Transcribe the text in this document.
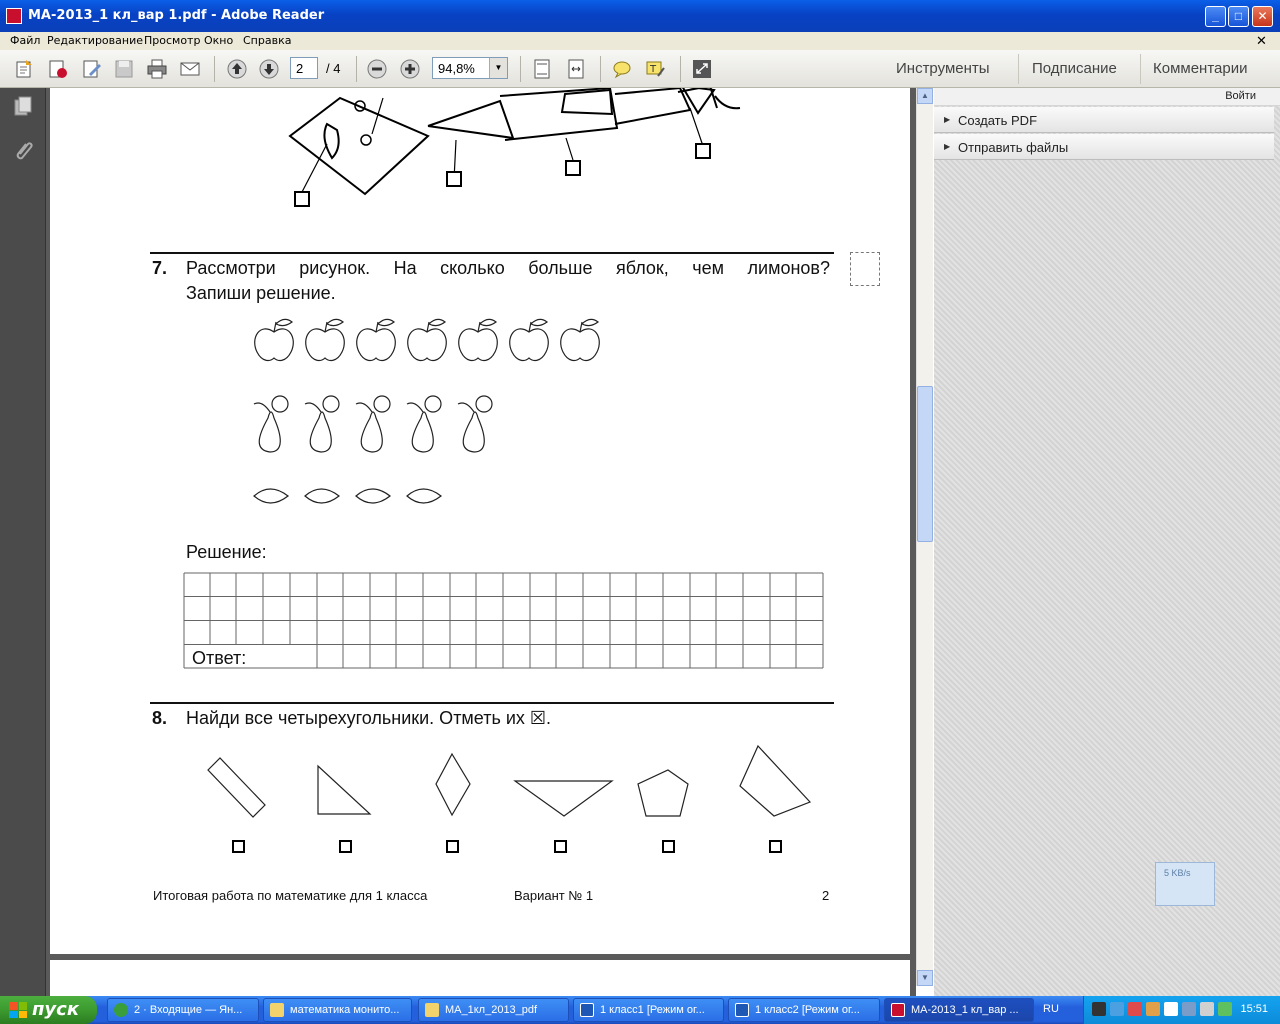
МА-2013_1 кл_вар 1.pdf - Adobe Reader	_	□	✕
Файл Редактирование Просмотр Окно Справка	✕
T
2	/ 4	94,8%	▼	Инструменты	Подписание Комментарии
7. Рассмотри рисунок. На сколько больше яблок, чем лимонов?
Запиши решение.
Решение:
Ответ:
8. Найди все четырехугольники. Отметь их ☒.
Итоговая работа по математике для 1 класса	Вариант № 1	2
▲
▼
Войти
▶ Создать PDF
▶ Отправить файлы
5 KB/s
пуск	2 · Входящие — Ян...	математика монито...	МА_1кл_2013_pdf	1 класс1 [Режим ог...	1 класс2 [Режим ог...	МА-2013_1 кл_вар ...	RU	15:51
